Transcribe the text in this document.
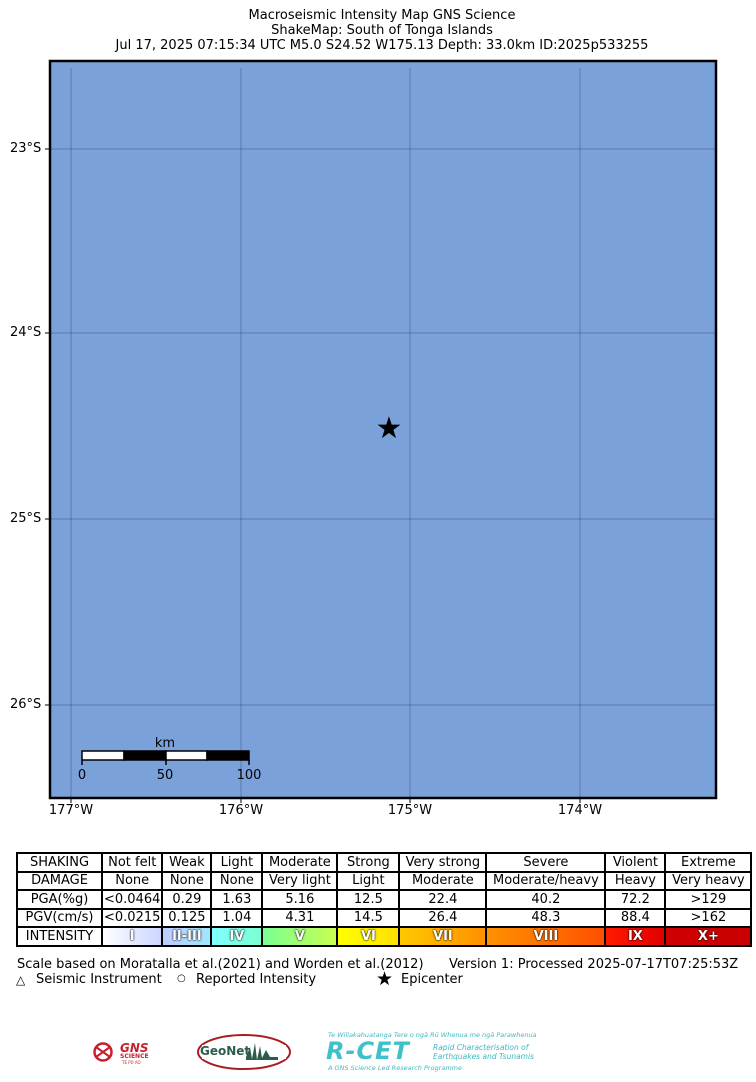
Macroseismic Intensity Map GNS Science
ShakeMap: South of Tonga Islands
Jul 17, 2025 07:15:34 UTC M5.0 S24.52 W175.13 Depth: 33.0km ID:2025p533255
★
km
0	50	100
23°S
24°S
25°S
26°S
177°W	176°W	175°W	174°W
SHAKING	Not felt	Weak	Light	Moderate	Strong	Very strong	Severe	Violent	Extreme
DAMAGE	None	None	None	Very light	Light	Moderate	Moderate/heavy	Heavy	Very heavy
PGA(%g)	<0.0464	0.29	1.63	5.16	12.5	22.4	40.2	72.2	>129
PGV(cm/s)	<0.0215	0.125	1.04	4.31	14.5	26.4	48.3	88.4	>162
INTENSITY	I	II-III	IV	V	VI	VII	VIII	IX	X+
Scale based on Moratalla et al.(2021) and Worden et al.(2012) Version 1: Processed 2025-07-17T07:25:53Z
△ Seismic Instrument ○ Reported Intensity	★ Epicenter
GNS
SCIENCE
TE PŪ AO
GeoNet
Te Wiliakahuatanga Tere o ngā Rū Whenua me ngā Parawhenua
R-CET	Rapid Characterisation of
Earthquakes and Tsunamis
A GNS Science Led Research Programme
